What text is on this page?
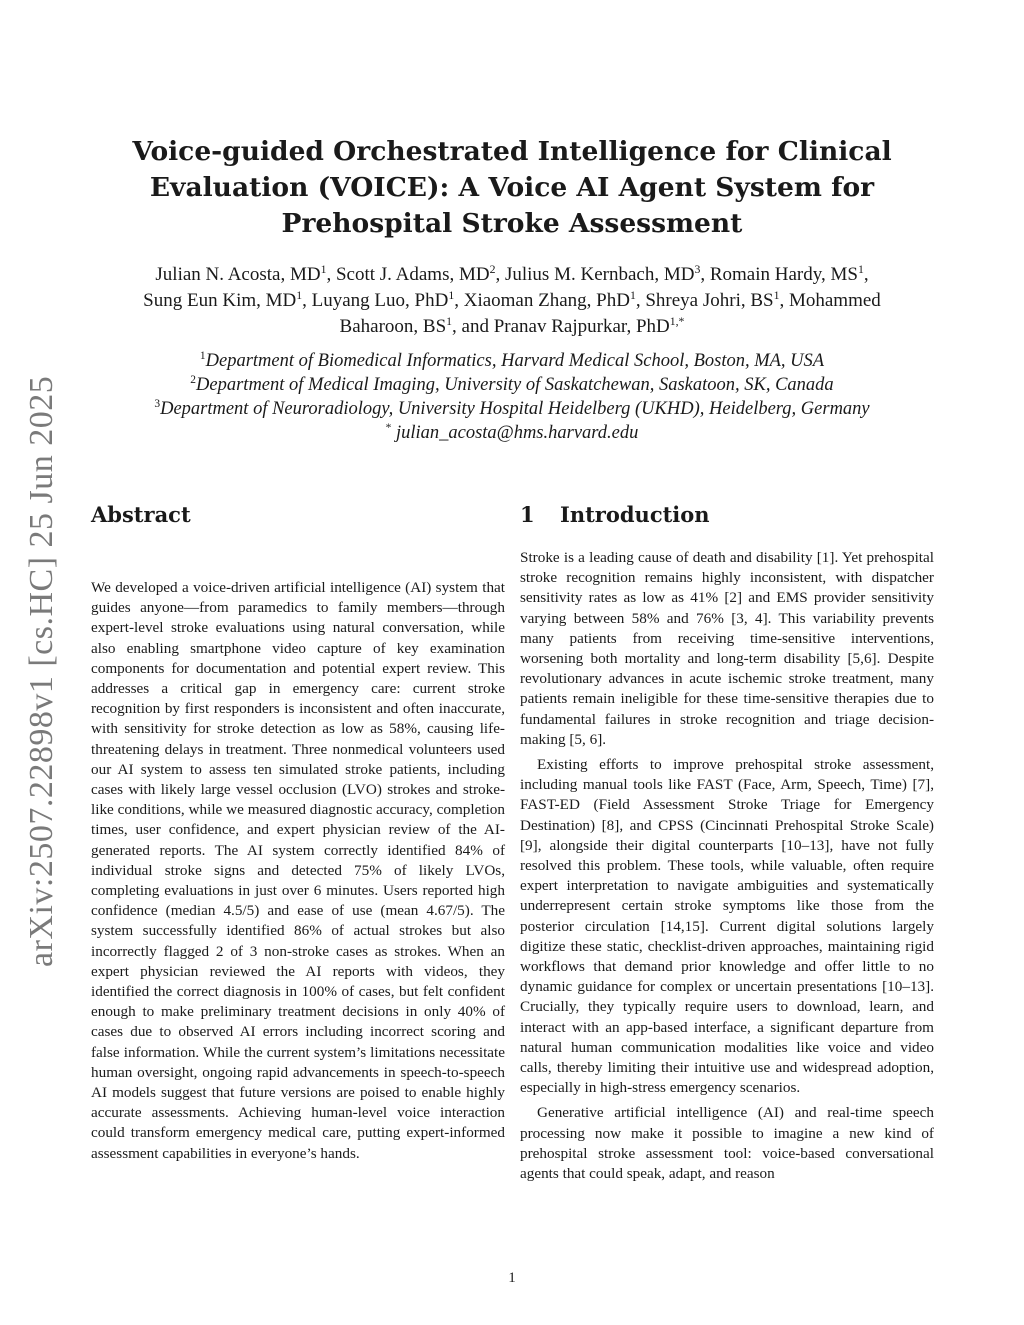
arXiv:2507.22898v1 [cs.HC] 25 Jun 2025
Voice-guided Orchestrated Intelligence for Clinical
Evaluation (VOICE): A Voice AI Agent System for
Prehospital Stroke Assessment
Julian N. Acosta, $MD^1$, Scott J. Adams, $MD^2$, Julius M. Kernbach, $MD^3$, Romain Hardy, $MS^1$,
Sung Eun Kim, $MD^1$, Luyang Luo, PhD$^1$, Xiaoman Zhang, PhD$^1$, Shreya Johri, $BS^1$, Mohammed
Baharoon, $BS^1$, and Pranav Rajpurkar, PhD$^{1,*}$
$^1$Department of Biomedical Informatics, Harvard Medical School, Boston, MA, USA
$^2$Department of Medical Imaging, University of Saskatchewan, Saskatoon, SK, Canada
$^3$Department of Neuroradiology, University Hospital Heidelberg (UKHD), Heidelberg, Germany
* julian_acosta@hms.harvard.edu
Abstract

We developed a voice-driven artificial intelligence (AI) system that guides anyone—from paramedics to family members—through expert-level stroke evaluations using natural conversation, while also enabling smartphone video capture of key examination components for documentation and potential expert review. This addresses a critical gap in emergency care: current stroke recognition by first responders is inconsistent and often inaccurate, with sensitivity for stroke detection as low as 58%, causing life-threatening delays in treatment. Three nonmedical volunteers used our AI system to assess ten simulated stroke patients, including cases with likely large vessel occlusion (LVO) strokes and stroke-like conditions, while we measured diagnostic accuracy, completion times, user confidence, and expert physician review of the AI-generated reports. The AI system correctly identified 84% of individual stroke signs and detected 75% of likely LVOs, completing evaluations in just over 6 minutes. Users reported high confidence (median 4.5/5) and ease of use (mean 4.67/5). The system successfully identified 86% of actual strokes but also incorrectly flagged 2 of 3 non-stroke cases as strokes. When an expert physician reviewed the AI reports with videos, they identified the correct diagnosis in 100% of cases, but felt confident enough to make preliminary treatment decisions in only 40% of cases due to observed AI errors including incorrect scoring and false information. While the current system’s limitations necessitate human oversight, ongoing rapid advancements in speech-to-speech AI models suggest that future versions are poised to enable highly accurate assessments. Achieving human-level voice interaction could transform emergency medical care, putting expert-informed assessment capabilities in everyone’s hands.

1 Introduction

Stroke is a leading cause of death and disability [1]. Yet prehospital stroke recognition remains highly inconsistent, with dispatcher sensitivity rates as low as 41% [2] and EMS provider sensitivity varying between 58% and 76% [3, 4]. This variability prevents many patients from receiving time-sensitive interventions, worsening both mortality and long-term disability [5,6]. Despite revolutionary advances in acute ischemic stroke treatment, many patients remain ineligible for these time-sensitive therapies due to fundamental failures in stroke recognition and triage decision-making [5, 6].

Existing efforts to improve prehospital stroke assessment, including manual tools like FAST (Face, Arm, Speech, Time) [7], FAST-ED (Field Assessment Stroke Triage for Emergency Destination) [8], and CPSS (Cincinnati Prehospital Stroke Scale) [9], alongside their digital counterparts [10–13], have not fully resolved this problem. These tools, while valuable, often require expert interpretation to navigate ambiguities and systematically underrepresent certain stroke symptoms like those from the posterior circulation [14,15]. Current digital solutions largely digitize these static, checklist-driven approaches, maintaining rigid workflows that demand prior knowledge and offer little to no dynamic guidance for complex or uncertain presentations [10–13]. Crucially, they typically require users to download, learn, and interact with an app-based interface, a significant departure from natural human communication modalities like voice and video calls, thereby limiting their intuitive use and widespread adoption, especially in high-stress emergency scenarios.

Generative artificial intelligence (AI) and real-time speech processing now make it possible to imagine a new kind of prehospital stroke assessment tool: voice-based conversational agents that could speak, adapt, and reason

1
